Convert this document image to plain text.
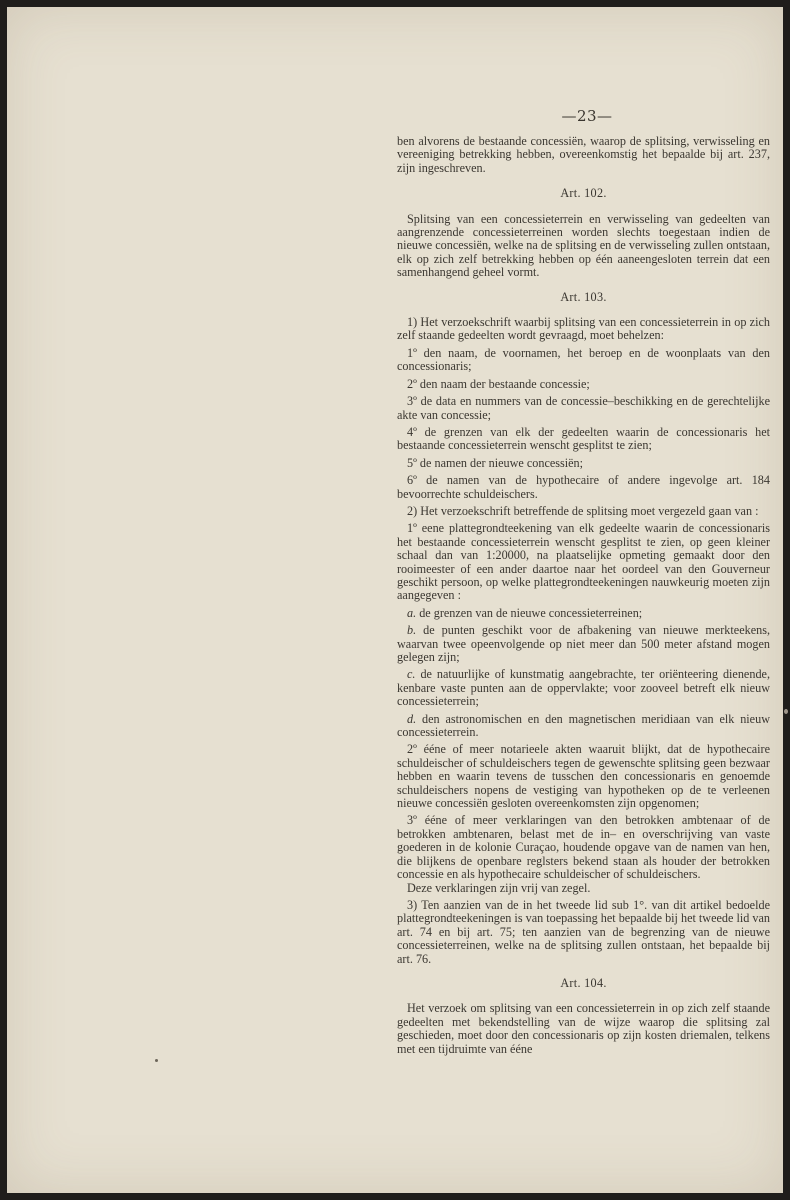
—23—

ben alvorens de bestaande concessiën, waarop de splitsing, verwisseling en vereeniging betrekking hebben, overeenkomstig het bepaalde bij art. 237, zijn ingeschreven.

Art. 102.

Splitsing van een concessieterrein en verwisseling van gedeelten van aangrenzende concessieterreinen worden slechts toegestaan indien de nieuwe concessiën, welke na de splitsing en de verwisseling zullen ontstaan, elk op zich zelf betrekking hebben op één aaneengesloten terrein dat een samenhangend geheel vormt.

Art. 103.

1) Het verzoekschrift waarbij splitsing van een concessieterrein in op zich zelf staande gedeelten wordt gevraagd, moet behelzen:

1º den naam, de voornamen, het beroep en de woonplaats van den concessionaris;

2º den naam der bestaande concessie;

3º de data en nummers van de concessie–beschikking en de gerechtelijke akte van concessie;

4º de grenzen van elk der gedeelten waarin de concessionaris het bestaande concessieterrein wenscht gesplitst te zien;

5º de namen der nieuwe concessiën;

6º de namen van de hypothecaire of andere ingevolge art. 184 bevoorrechte schuldeischers.

2) Het verzoekschrift betreffende de splitsing moet vergezeld gaan van :

1º eene plattegrondteekening van elk gedeelte waarin de concessionaris het bestaande concessieterrein wenscht gesplitst te zien, op geen kleiner schaal dan van 1:20000, na plaatselijke opmeting gemaakt door den rooimeester of een ander daartoe naar het oordeel van den Gouverneur geschikt persoon, op welke plattegrondteekeningen nauwkeurig moeten zijn aangegeven :

a. de grenzen van de nieuwe concessieterreinen;

b. de punten geschikt voor de afbakening van nieuwe merkteekens, waarvan twee opeenvolgende op niet meer dan 500 meter afstand mogen gelegen zijn;

c. de natuurlijke of kunstmatig aangebrachte, ter oriënteering dienende, kenbare vaste punten aan de oppervlakte; voor zooveel betreft elk nieuw concessieterrein;

d. den astronomischen en den magnetischen meridiaan van elk nieuw concessieterrein.

2º éénе of meer notarieele akten waaruit blijkt, dat de hypothecaire schuldeischer of schuldeischers tegen de gewenschte splitsing geen bezwaar hebben en waarin tevens de tusschen den concessionaris en genoemde schuldeischers nopens de vestiging van hypotheken op de te verleenen nieuwe concessiën gesloten overeenkomsten zijn opgenomen;

3º éénе of meer verklaringen van den betrokken ambtenaar of de betrokken ambtenaren, belast met de in– en overschrijving van vaste goederen in de kolonie Curaçao, houdende opgave van de namen van hen, die blijkens de openbare reglsters bekend staan als houder der betrokken concessie en als hypothecaire schuldeischer of schuldeischers.

Deze verklaringen zijn vrij van zegel.

3) Ten aanzien van de in het tweede lid sub 1°. van dit artikel bedoelde plattegrondteekeningen is van toepassing het bepaalde bij het tweede lid van art. 74 en bij art. 75; ten aanzien van de begrenzing van de nieuwe concessieterreinen, welke na de splitsing zullen ontstaan, het bepaalde bij art. 76.

Art. 104.

Het verzoek om splitsing van een concessieterrein in op zich zelf staande gedeelten met bekendstelling van de wijze waarop die splitsing zal geschieden, moet door den concessionaris op zijn kosten driemalen, telkens met een tijdruimte van éénе
